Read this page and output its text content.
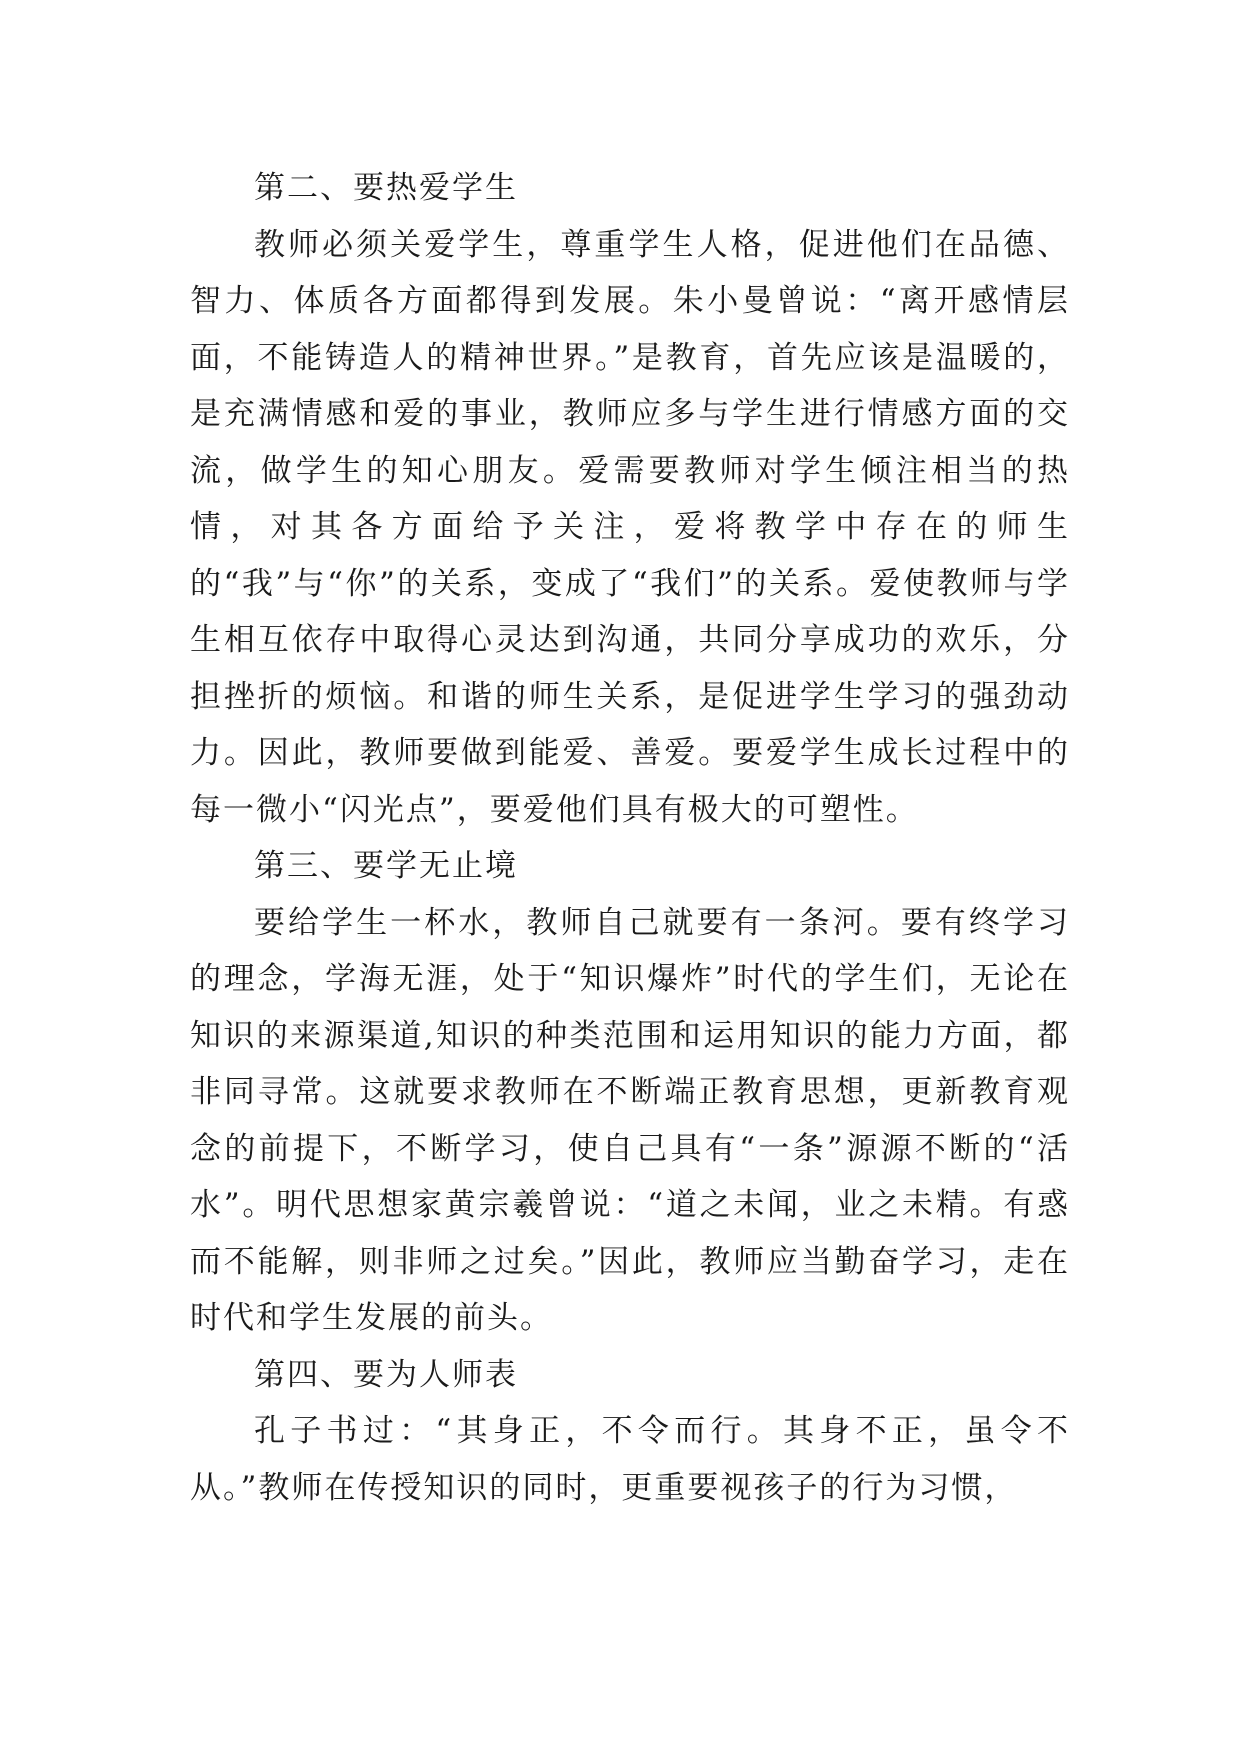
第二、要热爱学生

教师必须关爱学生，尊重学生人格，促进他们在品德、智力、体质各方面都得到发展。朱小曼曾说：“离开感情层面，不能铸造人的精神世界。”是教育，首先应该是温暖的，是充满情感和爱的事业，教师应多与学生进行情感方面的交流，做学生的知心朋友。爱需要教师对学生倾注相当的热情，对其各方面给予关注，爱将教学中存在的师生的“我”与“你”的关系，变成了“我们”的关系。爱使教师与学生相互依存中取得心灵达到沟通，共同分享成功的欢乐，分担挫折的烦恼。和谐的师生关系，是促进学生学习的强劲动力。因此，教师要做到能爱、善爱。要爱学生成长过程中的每一微小“闪光点”，要爱他们具有极大的可塑性。

第三、要学无止境

要给学生一杯水，教师自己就要有一条河。要有终学习的理念，学海无涯，处于“知识爆炸”时代的学生们，无论在知识的来源渠道,知识的种类范围和运用知识的能力方面，都非同寻常。这就要求教师在不断端正教育思想，更新教育观念的前提下，不断学习，使自己具有“一条”源源不断的“活水”。明代思想家黄宗羲曾说：“道之未闻，业之未精。有惑而不能解，则非师之过矣。”因此，教师应当勤奋学习，走在时代和学生发展的前头。

第四、要为人师表

孔子书过：“其身正，不令而行。其身不正，虽令不从。”教师在传授知识的同时，更重要视孩子的行为习惯，
